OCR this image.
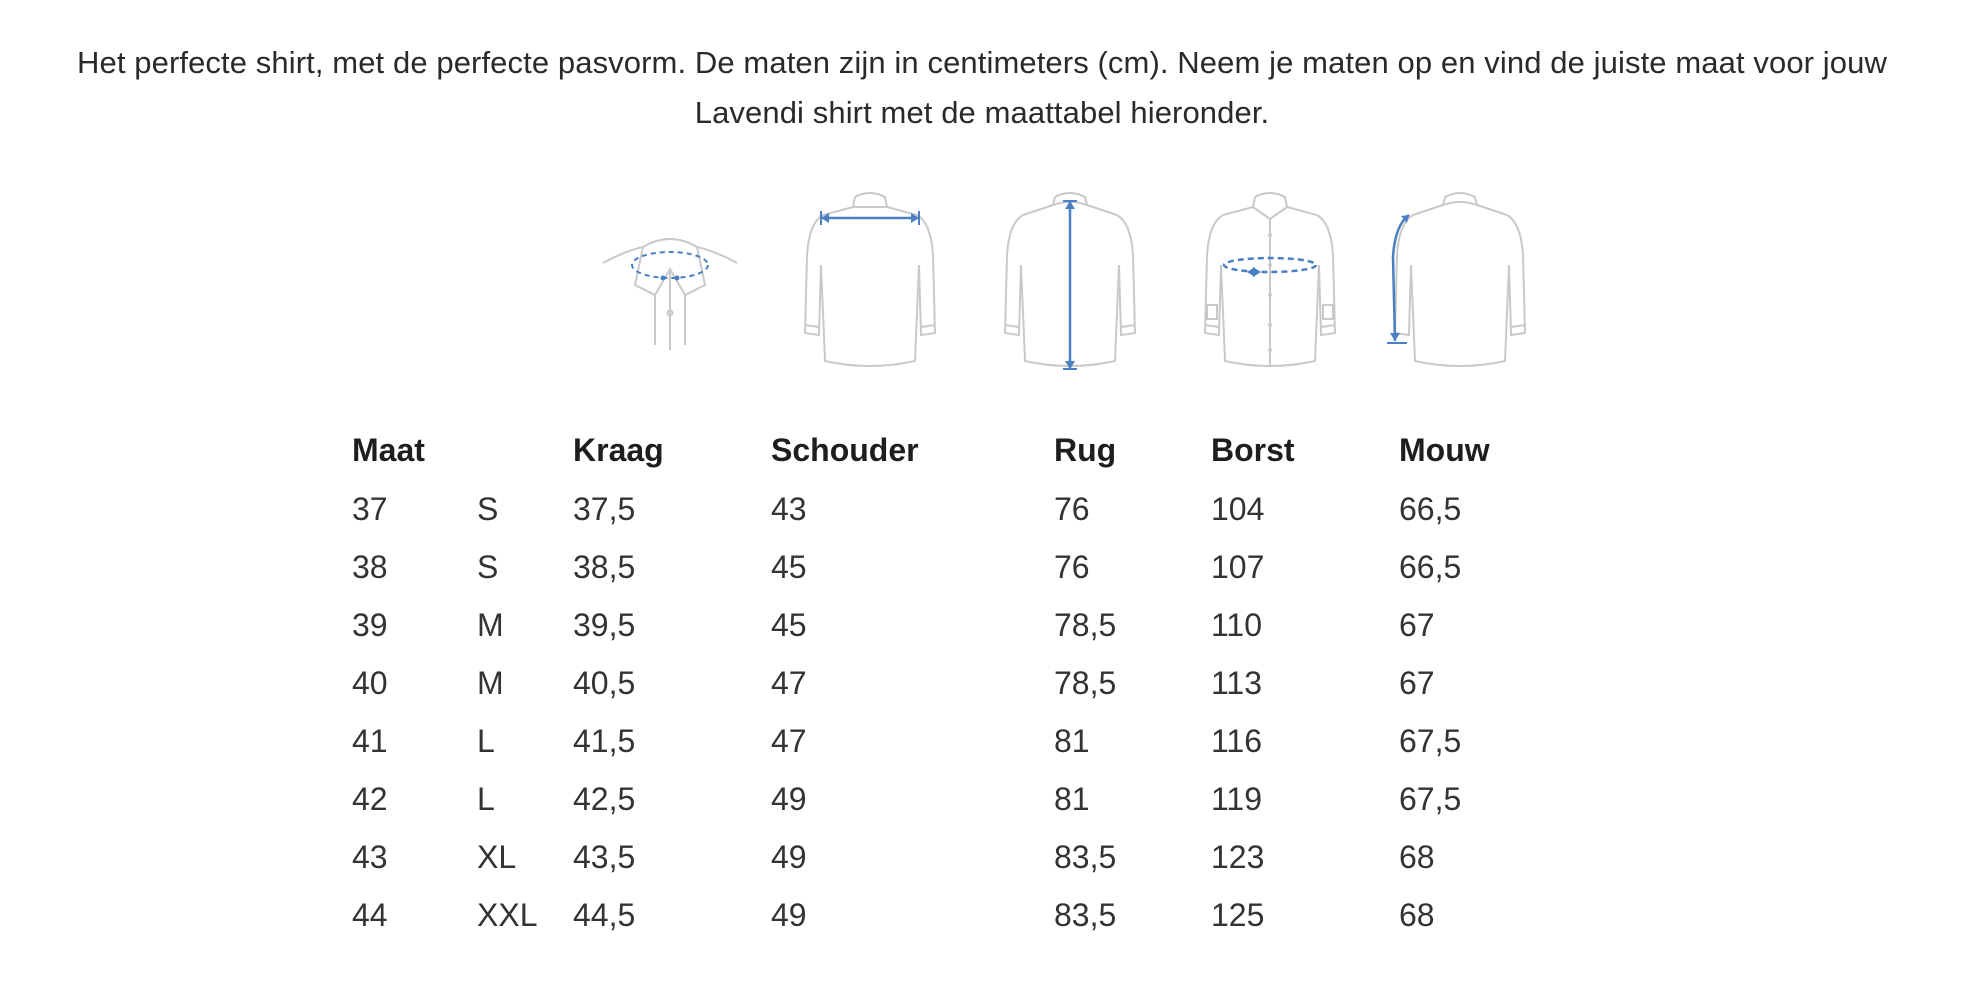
Het perfecte shirt, met de perfecte pasvorm. De maten zijn in centimeters (cm). Neem je maten op en vind de juiste maat voor jouw
Lavendi shirt met de maattabel hieronder.
Maat		Kraag	Schouder	Rug	Borst	Mouw
37	S	37,5	43	76	104	66,5
38	S	38,5	45	76	107	66,5
39	M	39,5	45	78,5	110	67
40	M	40,5	47	78,5	113	67
41	L	41,5	47	81	116	67,5
42	L	42,5	49	81	119	67,5
43	XL	43,5	49	83,5	123	68
44	XXL	44,5	49	83,5	125	68
